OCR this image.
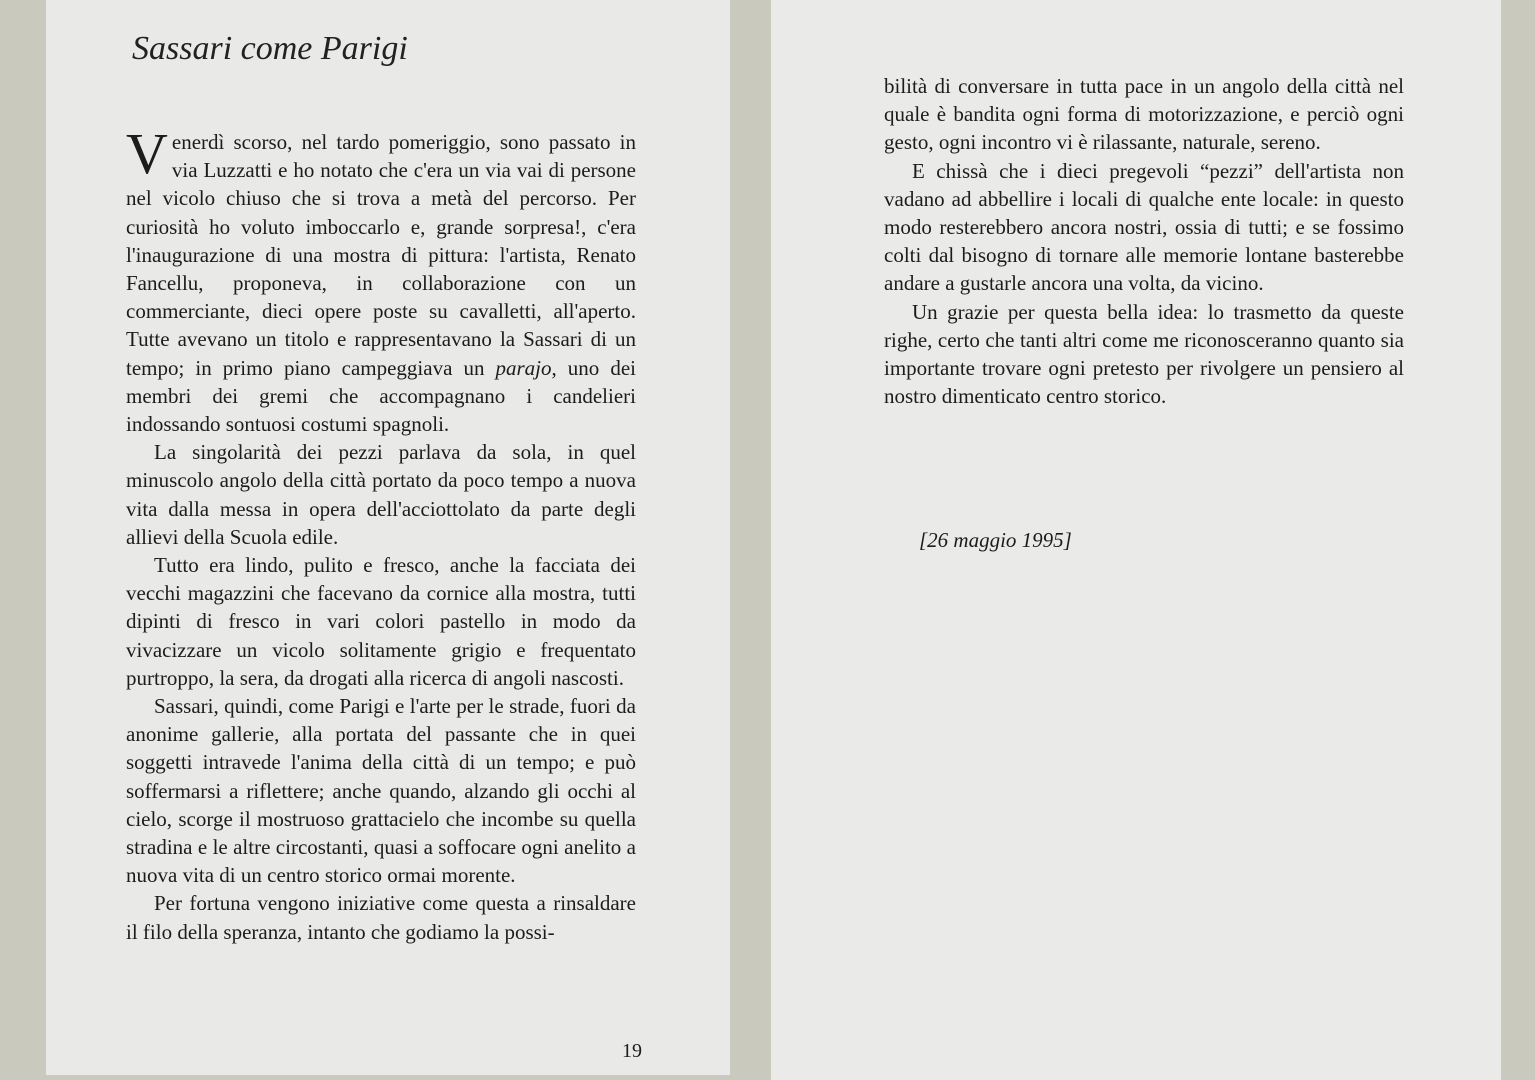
Sassari come Parigi

Venerdì scorso, nel tardo pomeriggio, sono passato in via Luzzatti e ho notato che c'era un via vai di persone nel vicolo chiuso che si trova a metà del percorso. Per curiosità ho voluto imboccarlo e, grande sorpresa!, c'era l'inaugurazione di una mostra di pittura: l'artista, Renato Fancellu, proponeva, in collaborazione con un commerciante, dieci opere poste su cavalletti, all'aperto. Tutte avevano un titolo e rappresentavano la Sassari di un tempo; in primo piano campeggiava un parajo, uno dei membri dei gremi che accompagnano i candelieri indossando sontuosi costumi spagnoli.

La singolarità dei pezzi parlava da sola, in quel minuscolo angolo della città portato da poco tempo a nuova vita dalla messa in opera dell'acciottolato da parte degli allievi della Scuola edile.

Tutto era lindo, pulito e fresco, anche la facciata dei vecchi magazzini che facevano da cornice alla mostra, tutti dipinti di fresco in vari colori pastello in modo da vivacizzare un vicolo solitamente grigio e frequentato purtroppo, la sera, da drogati alla ricerca di angoli nascosti.

Sassari, quindi, come Parigi e l'arte per le strade, fuori da anonime gallerie, alla portata del passante che in quei soggetti intravede l'anima della città di un tempo; e può soffermarsi a riflettere; anche quando, alzando gli occhi al cielo, scorge il mostruoso grattacielo che incombe su quella stradina e le altre circostanti, quasi a soffocare ogni anelito a nuova vita di un centro storico ormai morente.

Per fortuna vengono iniziative come questa a rinsaldare il filo della speranza, intanto che godiamo la possi-

19

bilità di conversare in tutta pace in un angolo della città nel quale è bandita ogni forma di motorizzazione, e perciò ogni gesto, ogni incontro vi è rilassante, naturale, sereno.

E chissà che i dieci pregevoli “pezzi” dell'artista non vadano ad abbellire i locali di qualche ente locale: in questo modo resterebbero ancora nostri, ossia di tutti; e se fossimo colti dal bisogno di tornare alle memorie lontane basterebbe andare a gustarle ancora una volta, da vicino.

Un grazie per questa bella idea: lo trasmetto da queste righe, certo che tanti altri come me riconosceranno quanto sia importante trovare ogni pretesto per rivolgere un pensiero al nostro dimenticato centro storico.

[26 maggio 1995]
